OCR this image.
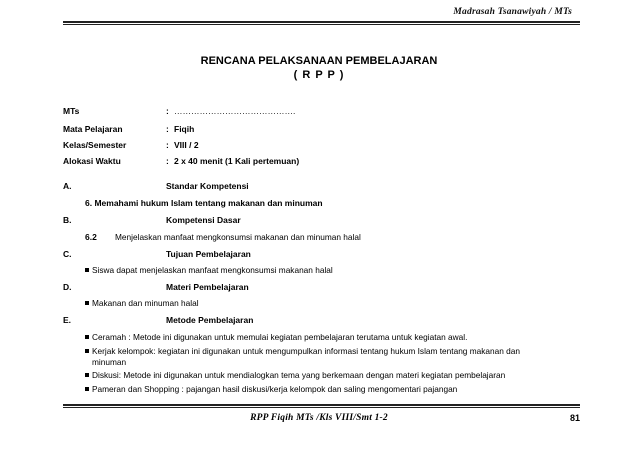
Madrasah Tsanawiyah / MTs
RENCANA PELAKSANAAN PEMBELAJARAN
( R P P )
MTs	: …………………………………….
Mata Pelajaran	: Fiqih
Kelas/Semester	: VIII / 2
Alokasi Waktu	: 2 x 40 menit (1 Kali pertemuan)
A.	Standar Kompetensi
6. Memahami hukum Islam tentang makanan dan minuman
B.	Kompetensi Dasar
6.2 Menjelaskan manfaat mengkonsumsi makanan dan minuman halal
C.	Tujuan Pembelajaran
Siswa dapat menjelaskan manfaat mengkonsumsi makanan halal
D.	Materi Pembelajaran
Makanan dan minuman halal
E.	Metode Pembelajaran
Ceramah : Metode ini digunakan untuk memulai kegiatan pembelajaran terutama untuk kegiatan awal.
Kerjak kelompok: kegiatan ini digunakan untuk mengumpulkan informasi tentang hukum Islam tentang makanan dan
minuman
Diskusi: Metode ini digunakan untuk mendialogkan tema yang berkemaan dengan materi kegiatan pembelajaran
Pameran dan Shopping : pajangan hasil diskusi/kerja kelompok dan saling mengomentari pajangan
RPP Fiqih MTs /Kls VIII/Smt 1-2	81
